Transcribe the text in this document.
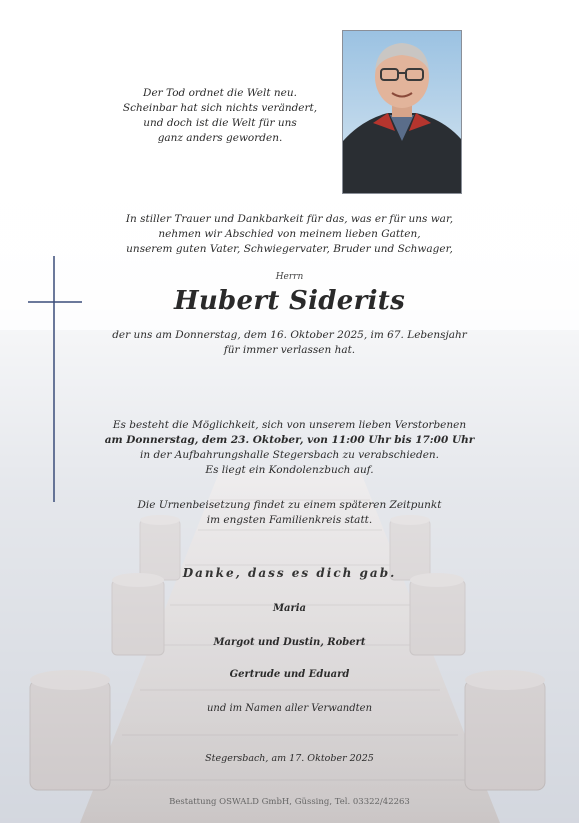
Der Tod ordnet die Welt neu.
Scheinbar hat sich nichts verändert,
und doch ist die Welt für uns
ganz anders geworden.
In stiller Trauer und Dankbarkeit für das, was er für uns war,
nehmen wir Abschied von meinem lieben Gatten,
unserem guten Vater, Schwiegervater, Bruder und Schwager,
Herrn
Hubert Siderits
der uns am Donnerstag, dem 16. Oktober 2025, im 67. Lebensjahr
für immer verlassen hat.
Es besteht die Möglichkeit, sich von unserem lieben Verstorbenen
am Donnerstag, dem 23. Oktober, von 11:00 Uhr bis 17:00 Uhr
in der Aufbahrungshalle Stegersbach zu verabschieden.
Es liegt ein Kondolenzbuch auf.
Die Urnenbeisetzung findet zu einem späteren Zeitpunkt
im engsten Familienkreis statt.
Danke, dass es dich gab.
Maria
Margot und Dustin, Robert
Gertrude und Eduard
und im Namen aller Verwandten
Stegersbach, am 17. Oktober 2025
Bestattung OSWALD GmbH, Güssing, Tel. 03322/42263
